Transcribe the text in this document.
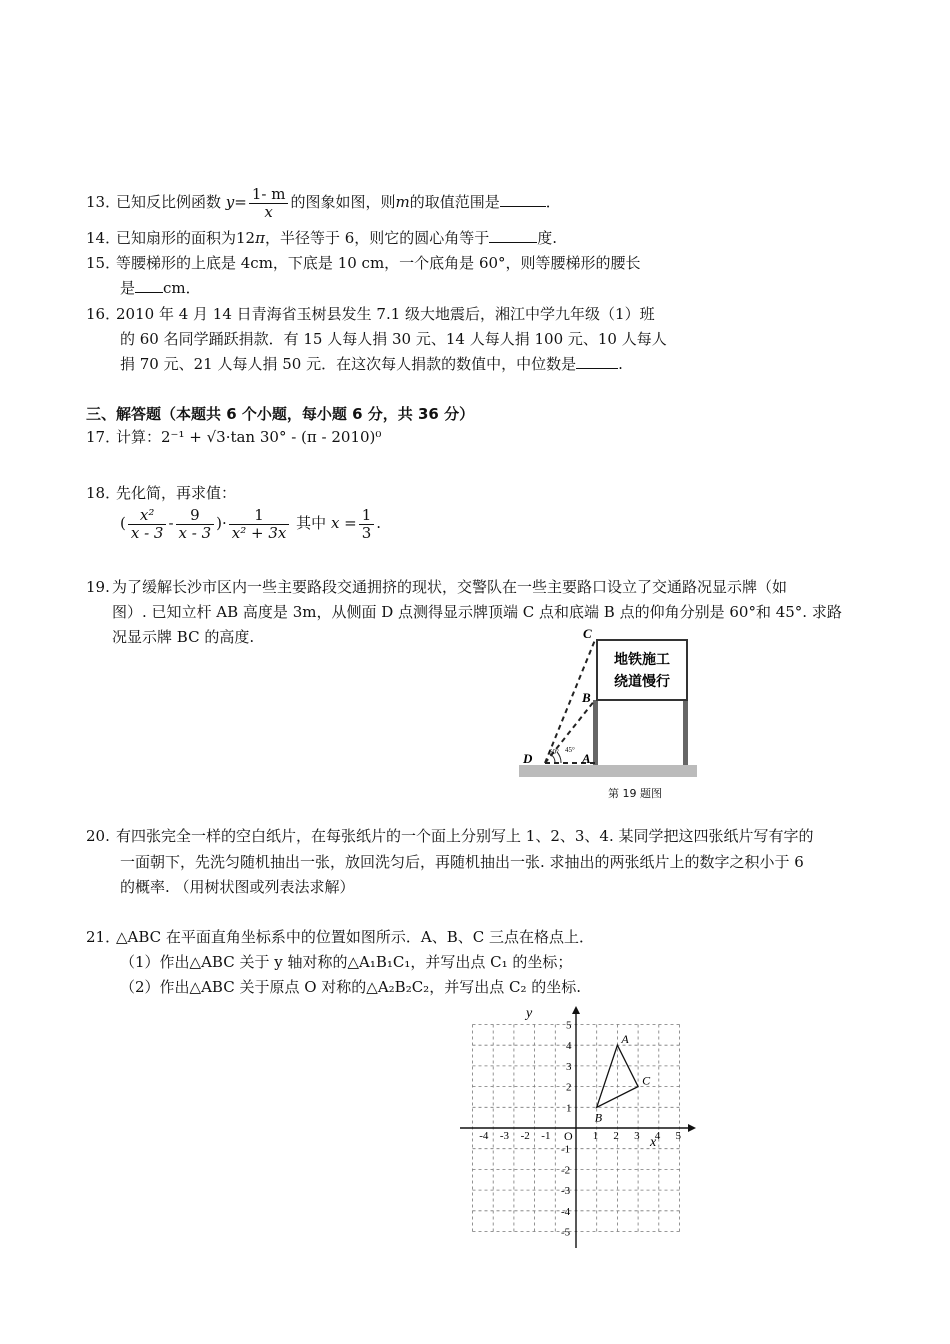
13．已知反比例函数 $y= \frac{1- m}{x}$ 的图象如图，则m的取值范围是	．
14．已知扇形的面积为12π，半径等于 6，则它的圆心角等于	度.
15．等腰梯形的上底是 4cm，下底是 10 cm，一个底角是 60°，则等腰梯形的腰长
是 cm．
16．2010 年 4 月 14 日青海省玉树县发生 7.1 级大地震后，湘江中学九年级（1）班
的 60 名同学踊跃捐款．有 15 人每人捐 30 元、14 人每人捐 100 元、10 人每人
捐 70 元、21 人每人捐 50 元．在这次每人捐款的数值中，中位数是	.
三、解答题（本题共 6 个小题，每小题 6 分，共 36 分）
17．计算：2⁻¹ + √3·tan 30° - (π - 2010)⁰
18．先化简，再求值：
( $\frac{\text{x²}}{x - 3} - \frac{9}{x - 3}$ )· $\frac{1}{\text{x² + 3x}}$ 其中 $x = \frac{1}{3}$ .
19. 为了缓解长沙市区内一些主要路段交通拥挤的现状，交警队在一些主要路口设立了交通路况显示牌（如
图）. 已知立杆 AB 高度是 3m，从侧面 D 点测得显示牌顶端 C 点和底端 B 点的仰角分别是 60°和 45°. 求路
况显示牌 BC 的高度.
地铁施工
绕道慢行
C
B
D	A
60° 45°
第 19 题图
20. 有四张完全一样的空白纸片，在每张纸片的一个面上分别写上 1、2、3、4. 某同学把这四张纸片写有字的
一面朝下，先洗匀随机抽出一张，放回洗匀后，再随机抽出一张. 求抽出的两张纸片上的数字之积小于 6
的概率. （用树状图或列表法求解）
21．△ABC 在平面直角坐标系中的位置如图所示．A、B、C 三点在格点上．
（1）作出△ABC 关于 y 轴对称的△A₁B₁C₁，并写出点 C₁ 的坐标；
（2）作出△ABC 关于原点 O 对称的△A₂B₂C₂，并写出点 C₂ 的坐标.
y
x
O
-4 -3 -2 -1	1 2 3 4 5
5
4
3
2
1
-1
-2
-3
-4
-5
A
B
C
